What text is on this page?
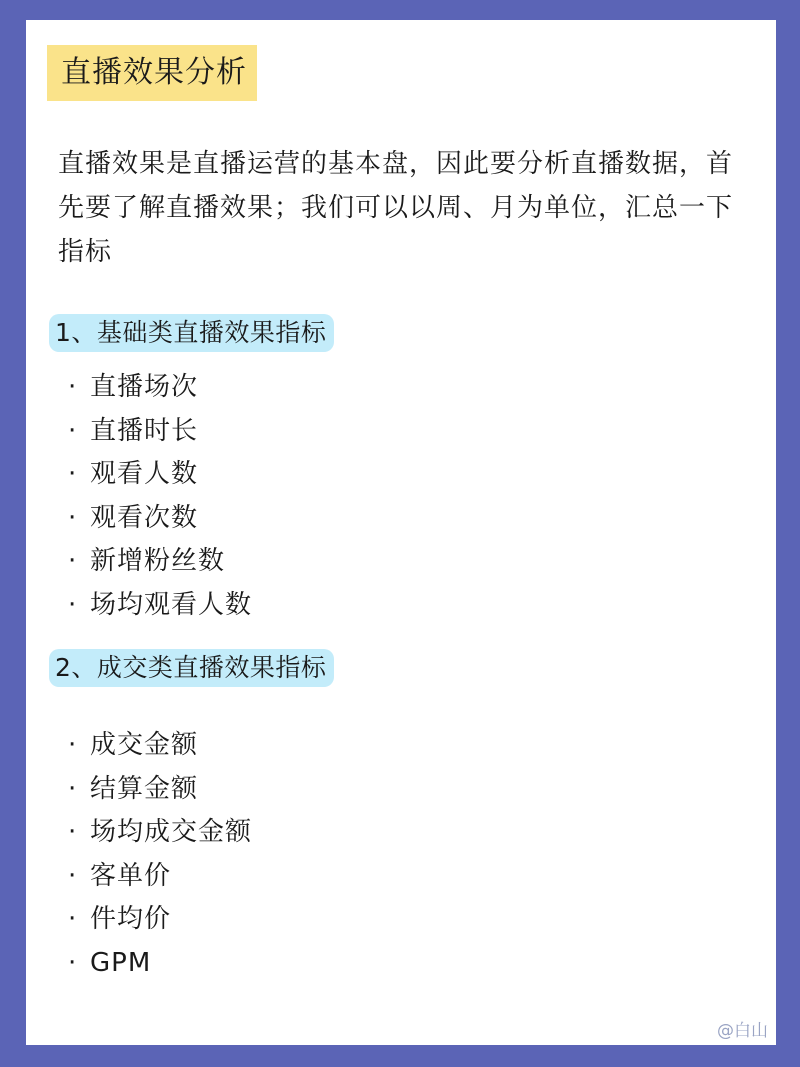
直播效果分析
直播效果是直播运营的基本盘，因此要分析直播数据，首先要了解直播效果；我们可以以周、月为单位，汇总一下指标
1、基础类直播效果指标
· 直播场次
· 直播时长
· 观看人数
· 观看次数
· 新增粉丝数
· 场均观看人数
2、成交类直播效果指标
· 成交金额
· 结算金额
· 场均成交金额
· 客单价
· 件均价
· GPM
@白山
